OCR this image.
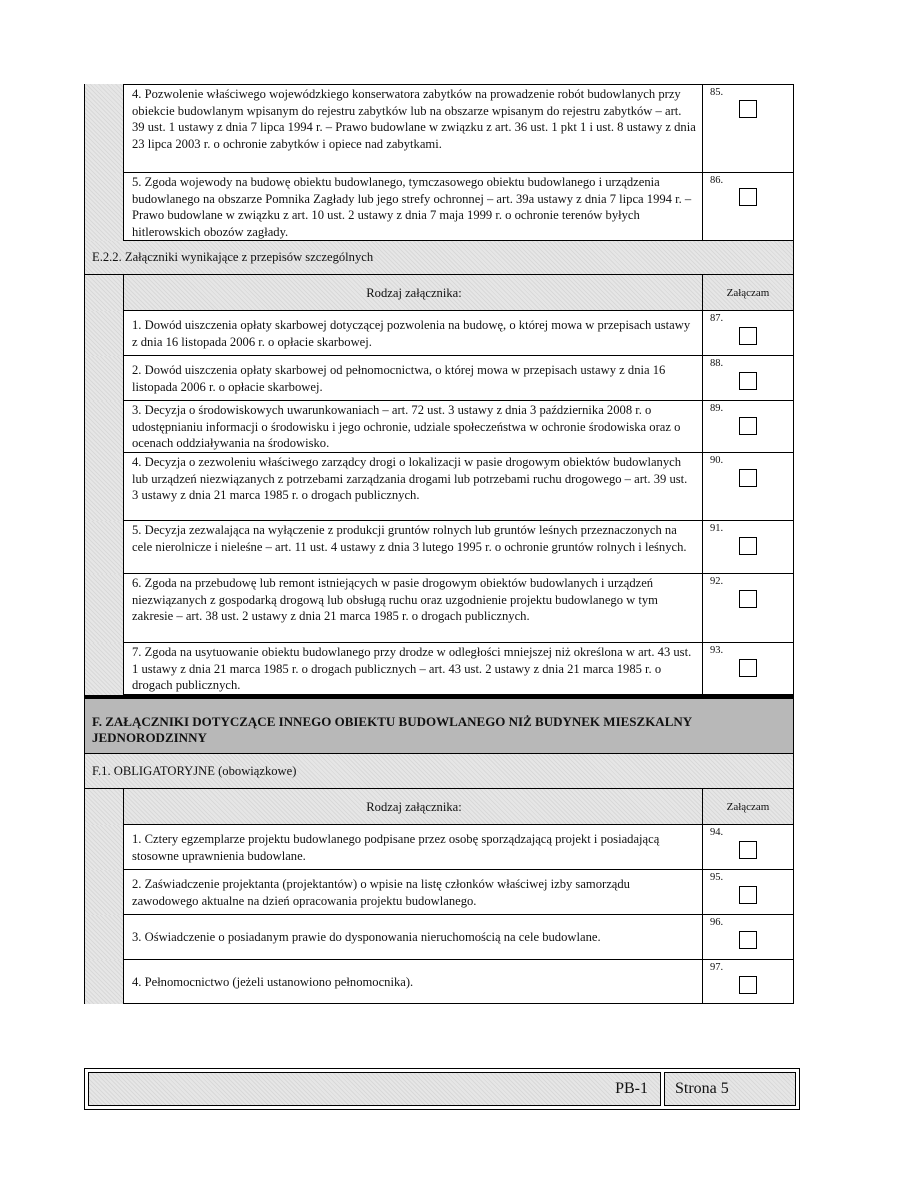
4. Pozwolenie właściwego wojewódzkiego konserwatora zabytków na prowadzenie robót budowlanych przy obiekcie budowlanym wpisanym do rejestru zabytków lub na obszarze wpisanym do rejestru zabytków – art. 39 ust. 1 ustawy z dnia 7 lipca 1994 r. – Prawo budowlane w związku z art. 36 ust. 1 pkt 1 i ust. 8 ustawy z dnia 23 lipca 2003 r. o ochronie zabytków i opiece nad zabytkami.
85.
5. Zgoda wojewody na budowę obiektu budowlanego, tymczasowego obiektu budowlanego i urządzenia budowlanego na obszarze Pomnika Zagłady lub jego strefy ochronnej – art. 39a ustawy z dnia 7 lipca 1994 r. – Prawo budowlane w związku z art. 10 ust. 2 ustawy z dnia 7 maja 1999 r. o ochronie terenów byłych hitlerowskich obozów zagłady.
86.
E.2.2. Załączniki wynikające z przepisów szczególnych
Rodzaj załącznika:	Załączam
1. Dowód uiszczenia opłaty skarbowej dotyczącej pozwolenia na budowę, o której mowa w przepisach ustawy z dnia 16 listopada 2006 r. o opłacie skarbowej.
87.
2. Dowód uiszczenia opłaty skarbowej od pełnomocnictwa, o której mowa w przepisach ustawy z dnia 16 listopada 2006 r. o opłacie skarbowej.
88.
3. Decyzja o środowiskowych uwarunkowaniach – art. 72 ust. 3 ustawy z dnia 3 października 2008 r. o udostępnianiu informacji o środowisku i jego ochronie, udziale społeczeństwa w ochronie środowiska oraz o ocenach oddziaływania na środowisko.
89.
4. Decyzja o zezwoleniu właściwego zarządcy drogi o lokalizacji w pasie drogowym obiektów budowlanych lub urządzeń niezwiązanych z potrzebami zarządzania drogami lub potrzebami ruchu drogowego – art. 39 ust. 3 ustawy z dnia 21 marca 1985 r. o drogach publicznych.
90.
5. Decyzja zezwalająca na wyłączenie z produkcji gruntów rolnych lub gruntów leśnych przeznaczonych na cele nierolnicze i nieleśne – art. 11 ust. 4 ustawy z dnia 3 lutego 1995 r. o ochronie gruntów rolnych i leśnych.
91.
6. Zgoda na przebudowę lub remont istniejących w pasie drogowym obiektów budowlanych i urządzeń niezwiązanych z gospodarką drogową lub obsługą ruchu oraz uzgodnienie projektu budowlanego w tym zakresie – art. 38 ust. 2 ustawy z dnia 21 marca 1985 r. o drogach publicznych.
92.
7. Zgoda na usytuowanie obiektu budowlanego przy drodze w odległości mniejszej niż określona w art. 43 ust. 1 ustawy z dnia 21 marca 1985 r. o drogach publicznych – art. 43 ust. 2 ustawy z dnia 21 marca 1985 r. o drogach publicznych.
93.
F. ZAŁĄCZNIKI DOTYCZĄCE INNEGO OBIEKTU BUDOWLANEGO NIŻ BUDYNEK MIESZKALNY JEDNORODZINNY
F.1. OBLIGATORYJNE (obowiązkowe)
Rodzaj załącznika:	Załączam
1. Cztery egzemplarze projektu budowlanego podpisane przez osobę sporządzającą projekt i posiadającą stosowne uprawnienia budowlane.
94.
2. Zaświadczenie projektanta (projektantów) o wpisie na listę członków właściwej izby samorządu zawodowego aktualne na dzień opracowania projektu budowlanego.
95.
3. Oświadczenie o posiadanym prawie do dysponowania nieruchomością na cele budowlane.
96.
4. Pełnomocnictwo (jeżeli ustanowiono pełnomocnika).
97.
PB-1	Strona 5
